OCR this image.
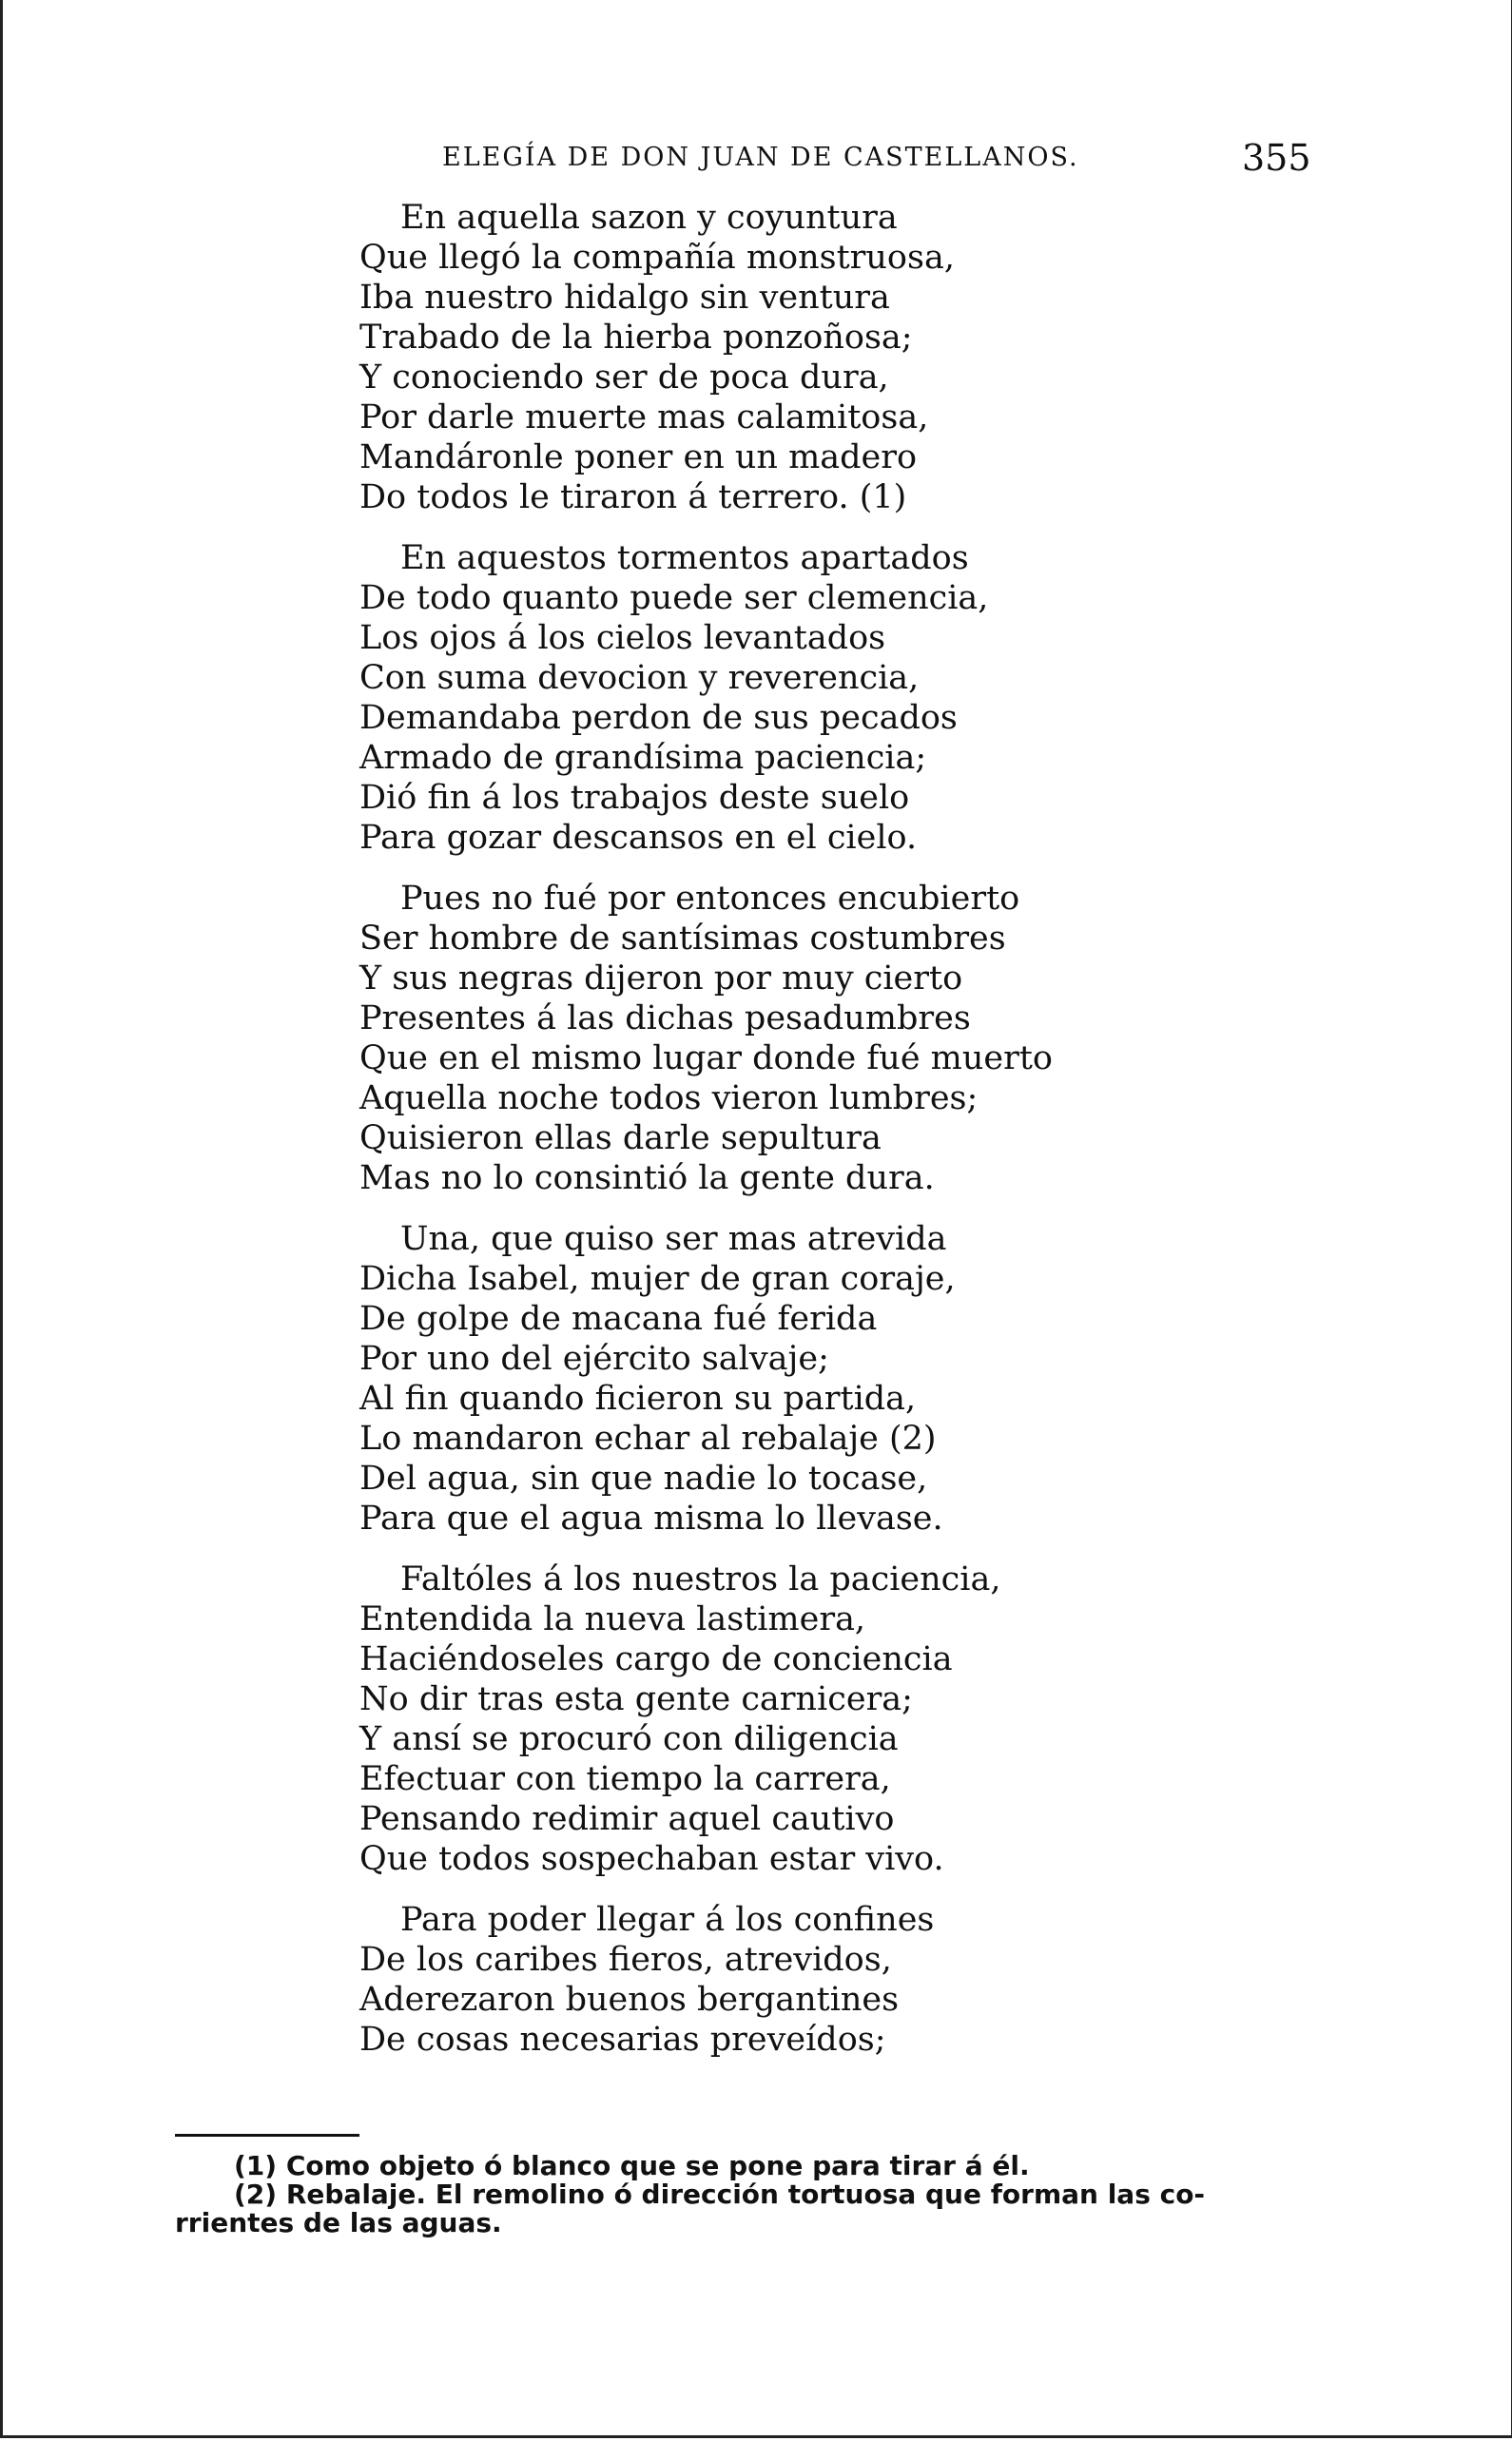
ELEGÍA DE DON JUAN DE CASTELLANOS.	355
En aquella sazon y coyuntura
Que llegó la compañía monstruosa,
Iba nuestro hidalgo sin ventura
Trabado de la hierba ponzoñosa;
Y conociendo ser de poca dura,
Por darle muerte mas calamitosa,
Mandáronle poner en un madero
Do todos le tiraron á terrero. (1)
En aquestos tormentos apartados
De todo quanto puede ser clemencia,
Los ojos á los cielos levantados
Con suma devocion y reverencia,
Demandaba perdon de sus pecados
Armado de grandísima paciencia;
Dió fin á los trabajos deste suelo
Para gozar descansos en el cielo.
Pues no fué por entonces encubierto
Ser hombre de santísimas costumbres
Y sus negras dijeron por muy cierto
Presentes á las dichas pesadumbres
Que en el mismo lugar donde fué muerto
Aquella noche todos vieron lumbres;
Quisieron ellas darle sepultura
Mas no lo consintió la gente dura.
Una, que quiso ser mas atrevida
Dicha Isabel, mujer de gran coraje,
De golpe de macana fué ferida
Por uno del ejército salvaje;
Al fin quando ficieron su partida,
Lo mandaron echar al rebalaje (2)
Del agua, sin que nadie lo tocase,
Para que el agua misma lo llevase.
Faltóles á los nuestros la paciencia,
Entendida la nueva lastimera,
Haciéndoseles cargo de conciencia
No dir tras esta gente carnicera;
Y ansí se procuró con diligencia
Efectuar con tiempo la carrera,
Pensando redimir aquel cautivo
Que todos sospechaban estar vivo.
Para poder llegar á los confines
De los caribes fieros, atrevidos,
Aderezaron buenos bergantines
De cosas necesarias preveídos;
(1) Como objeto ó blanco que se pone para tirar á él.
(2) Rebalaje. El remolino ó dirección tortuosa que forman las co-
rrientes de las aguas.
